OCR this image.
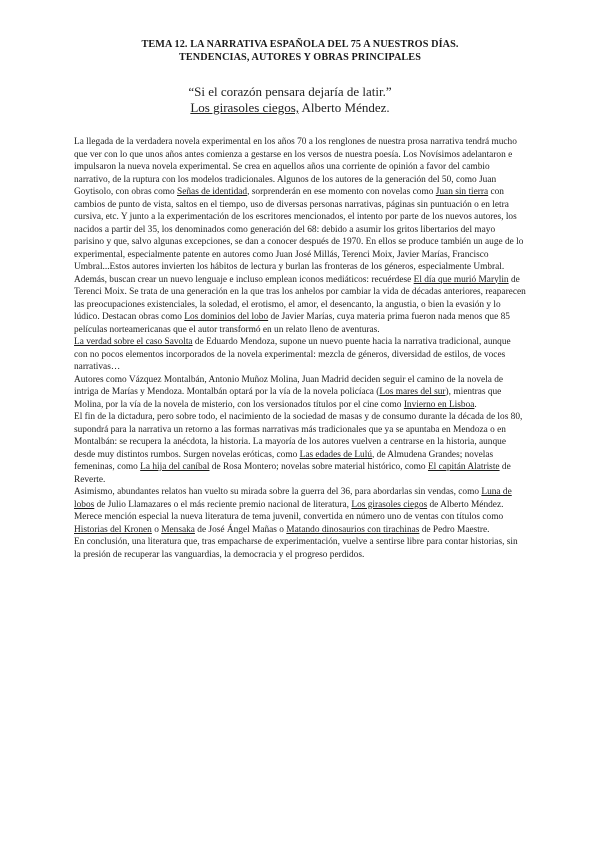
TEMA 12. LA NARRATIVA ESPAÑOLA DEL 75 A NUESTROS DÍAS.
TENDENCIAS, AUTORES Y OBRAS PRINCIPALES
“Si el corazón pensara dejaría de latir.”
Los girasoles ciegos, Alberto Méndez.

La llegada de la verdadera novela experimental en los años 70 a los renglones de nuestra prosa narrativa tendrá mucho que ver con lo que unos años antes comienza a gestarse en los versos de nuestra poesía. Los Novísimos adelantaron e impulsaron la nueva novela experimental. Se crea en aquellos años una corriente de opinión a favor del cambio narrativo, de la ruptura con los modelos tradicionales. Algunos de los autores de la generación del 50, como Juan Goytisolo, con obras como Señas de identidad, sorprenderán en ese momento con novelas como Juan sin tierra con cambios de punto de vista, saltos en el tiempo, uso de diversas personas narrativas, páginas sin puntuación o en letra cursiva, etc. Y junto a la experimentación de los escritores mencionados, el intento por parte de los nuevos autores, los nacidos a partir del 35, los denominados como generación del 68: debido a asumir los gritos libertarios del mayo parisino y que, salvo algunas excepciones, se dan a conocer después de 1970. En ellos se produce también un auge de lo experimental, especialmente patente en autores como Juan José Millás, Terenci Moix, Javier Marías, Francisco Umbral...Estos autores invierten los hábitos de lectura y burlan las fronteras de los géneros, especialmente Umbral. Además, buscan crear un nuevo lenguaje e incluso emplean iconos mediáticos: recuérdese El día que murió Marylin de Terenci Moix. Se trata de una generación en la que tras los anhelos por cambiar la vida de décadas anteriores, reaparecen las preocupaciones existenciales, la soledad, el erotismo, el amor, el desencanto, la angustia, o bien la evasión y lo lúdico. Destacan obras como Los dominios del lobo de Javier Marías, cuya materia prima fueron nada menos que 85 películas norteamericanas que el autor transformó en un relato lleno de aventuras.

La verdad sobre el caso Savolta de Eduardo Mendoza, supone un nuevo puente hacia la narrativa tradicional, aunque con no pocos elementos incorporados de la novela experimental: mezcla de géneros, diversidad de estilos, de voces narrativas…

Autores como Vázquez Montalbán, Antonio Muñoz Molina, Juan Madrid deciden seguir el camino de la novela de intriga de Marías y Mendoza. Montalbán optará por la vía de la novela policíaca (Los mares del sur), mientras que Molina, por la vía de la novela de misterio, con los versionados títulos por el cine como Invierno en Lisboa.

El fin de la dictadura, pero sobre todo, el nacimiento de la sociedad de masas y de consumo durante la década de los 80, supondrá para la narrativa un retorno a las formas narrativas más tradicionales que ya se apuntaba en Mendoza o en Montalbán: se recupera la anécdota, la historia. La mayoría de los autores vuelven a centrarse en la historia, aunque desde muy distintos rumbos. Surgen novelas eróticas, como Las edades de Lulú, de Almudena Grandes; novelas femeninas, como La hija del caníbal de Rosa Montero; novelas sobre material histórico, como El capitán Alatriste de Reverte.

Asimismo, abundantes relatos han vuelto su mirada sobre la guerra del 36, para abordarlas sin vendas, como Luna de lobos de Julio Llamazares o el más reciente premio nacional de literatura, Los girasoles ciegos de Alberto Méndez.

Merece mención especial la nueva literatura de tema juvenil, convertida en número uno de ventas con títulos como Historias del Kronen o Mensaka de José Ángel Mañas o Matando dinosaurios con tirachinas de Pedro Maestre.

En conclusión, una literatura que, tras empacharse de experimentación, vuelve a sentirse libre para contar historias, sin la presión de recuperar las vanguardias, la democracia y el progreso perdidos.
